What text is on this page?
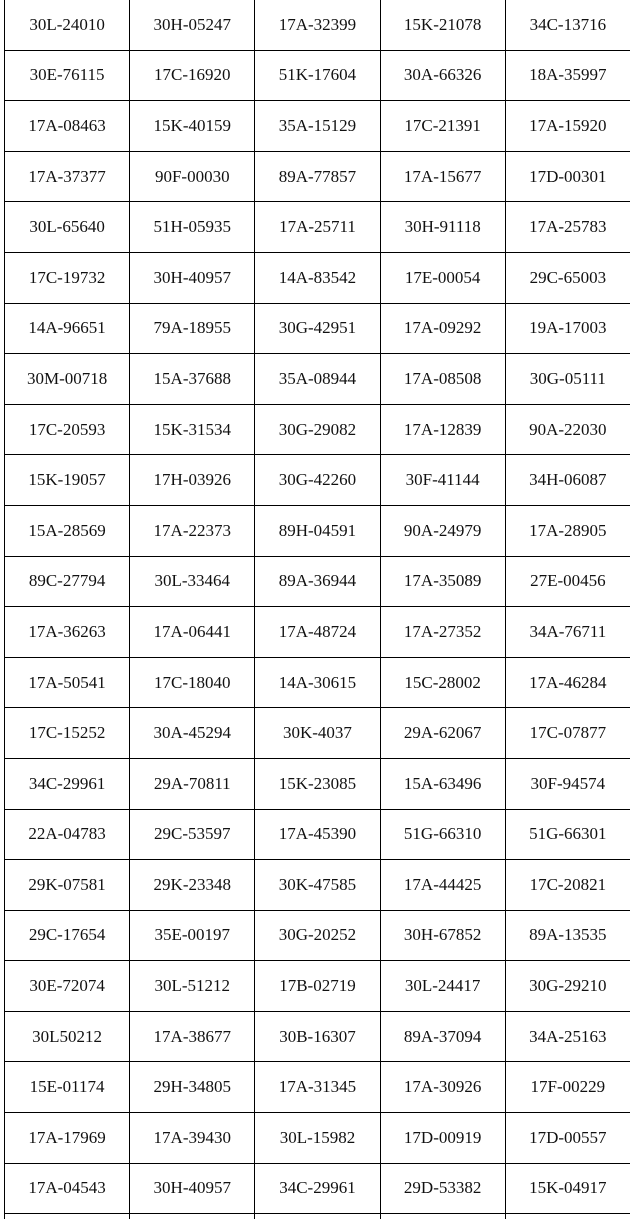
30L-24010	30H-05247	17A-32399	15K-21078	34C-13716
30E-76115	17C-16920	51K-17604	30A-66326	18A-35997
17A-08463	15K-40159	35A-15129	17C-21391	17A-15920
17A-37377	90F-00030	89A-77857	17A-15677	17D-00301
30L-65640	51H-05935	17A-25711	30H-91118	17A-25783
17C-19732	30H-40957	14A-83542	17E-00054	29C-65003
14A-96651	79A-18955	30G-42951	17A-09292	19A-17003
30M-00718	15A-37688	35A-08944	17A-08508	30G-05111
17C-20593	15K-31534	30G-29082	17A-12839	90A-22030
15K-19057	17H-03926	30G-42260	30F-41144	34H-06087
15A-28569	17A-22373	89H-04591	90A-24979	17A-28905
89C-27794	30L-33464	89A-36944	17A-35089	27E-00456
17A-36263	17A-06441	17A-48724	17A-27352	34A-76711
17A-50541	17C-18040	14A-30615	15C-28002	17A-46284
17C-15252	30A-45294	30K-4037	29A-62067	17C-07877
34C-29961	29A-70811	15K-23085	15A-63496	30F-94574
22A-04783	29C-53597	17A-45390	51G-66310	51G-66301
29K-07581	29K-23348	30K-47585	17A-44425	17C-20821
29C-17654	35E-00197	30G-20252	30H-67852	89A-13535
30E-72074	30L-51212	17B-02719	30L-24417	30G-29210
30L50212	17A-38677	30B-16307	89A-37094	34A-25163
15E-01174	29H-34805	17A-31345	17A-30926	17F-00229
17A-17969	17A-39430	30L-15982	17D-00919	17D-00557
17A-04543	30H-40957	34C-29961	29D-53382	15K-04917
